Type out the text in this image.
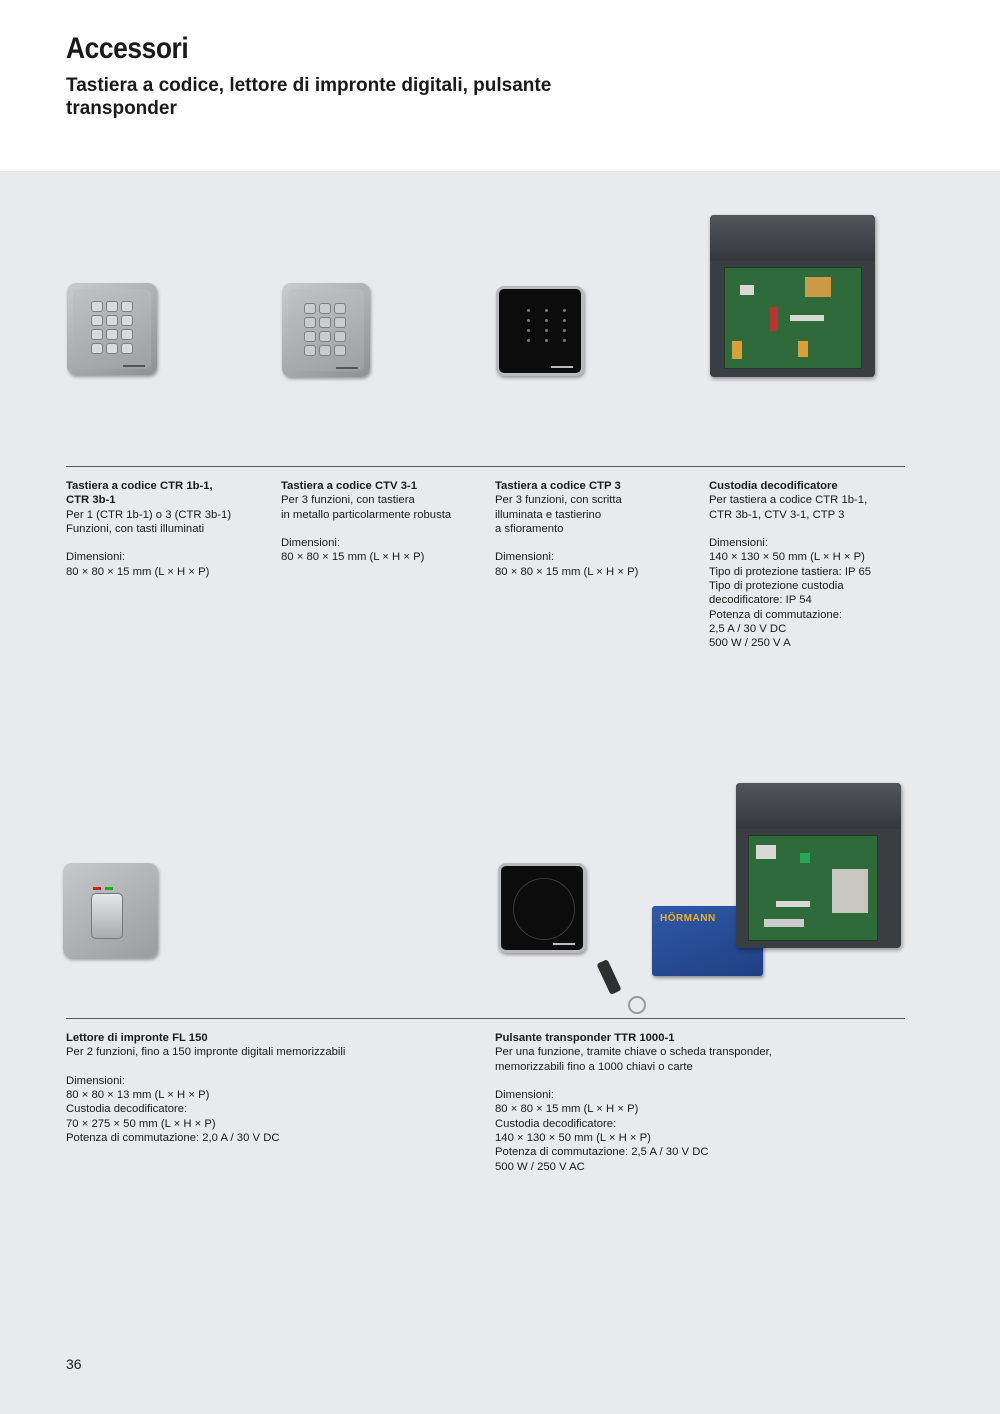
Accessori
Tastiera a codice, lettore di impronte digitali, pulsante transponder
Tastiera a codice CTR 1b-1,
CTR 3b-1
Per 1 (CTR 1b-1) o 3 (CTR 3b-1)
Funzioni, con tasti illuminati
Dimensioni:
80 × 80 × 15 mm (L × H × P)
Tastiera a codice CTV 3-1
Per 3 funzioni, con tastiera
in metallo particolarmente robusta
Dimensioni:
80 × 80 × 15 mm (L × H × P)
Tastiera a codice CTP 3
Per 3 funzioni, con scritta
illuminata e tastierino
a sfioramento
Dimensioni:
80 × 80 × 15 mm (L × H × P)
Custodia decodificatore
Per tastiera a codice CTR 1b-1,
CTR 3b-1, CTV 3-1, CTP 3
Dimensioni:
140 × 130 × 50 mm (L × H × P)
Tipo di protezione tastiera: IP 65
Tipo di protezione custodia
decodificatore: IP 54
Potenza di commutazione:
2,5 A / 30 V DC
500 W / 250 V A
HÖRMANN
Lettore di impronte FL 150
Per 2 funzioni, fino a 150 impronte digitali memorizzabili
Dimensioni:
80 × 80 × 13 mm (L × H × P)
Custodia decodificatore:
70 × 275 × 50 mm (L × H × P)
Potenza di commutazione: 2,0 A / 30 V DC
Pulsante transponder TTR 1000-1
Per una funzione, tramite chiave o scheda transponder,
memorizzabili fino a 1000 chiavi o carte
Dimensioni:
80 × 80 × 15 mm (L × H × P)
Custodia decodificatore:
140 × 130 × 50 mm (L × H × P)
Potenza di commutazione: 2,5 A / 30 V DC
500 W / 250 V AC
36
